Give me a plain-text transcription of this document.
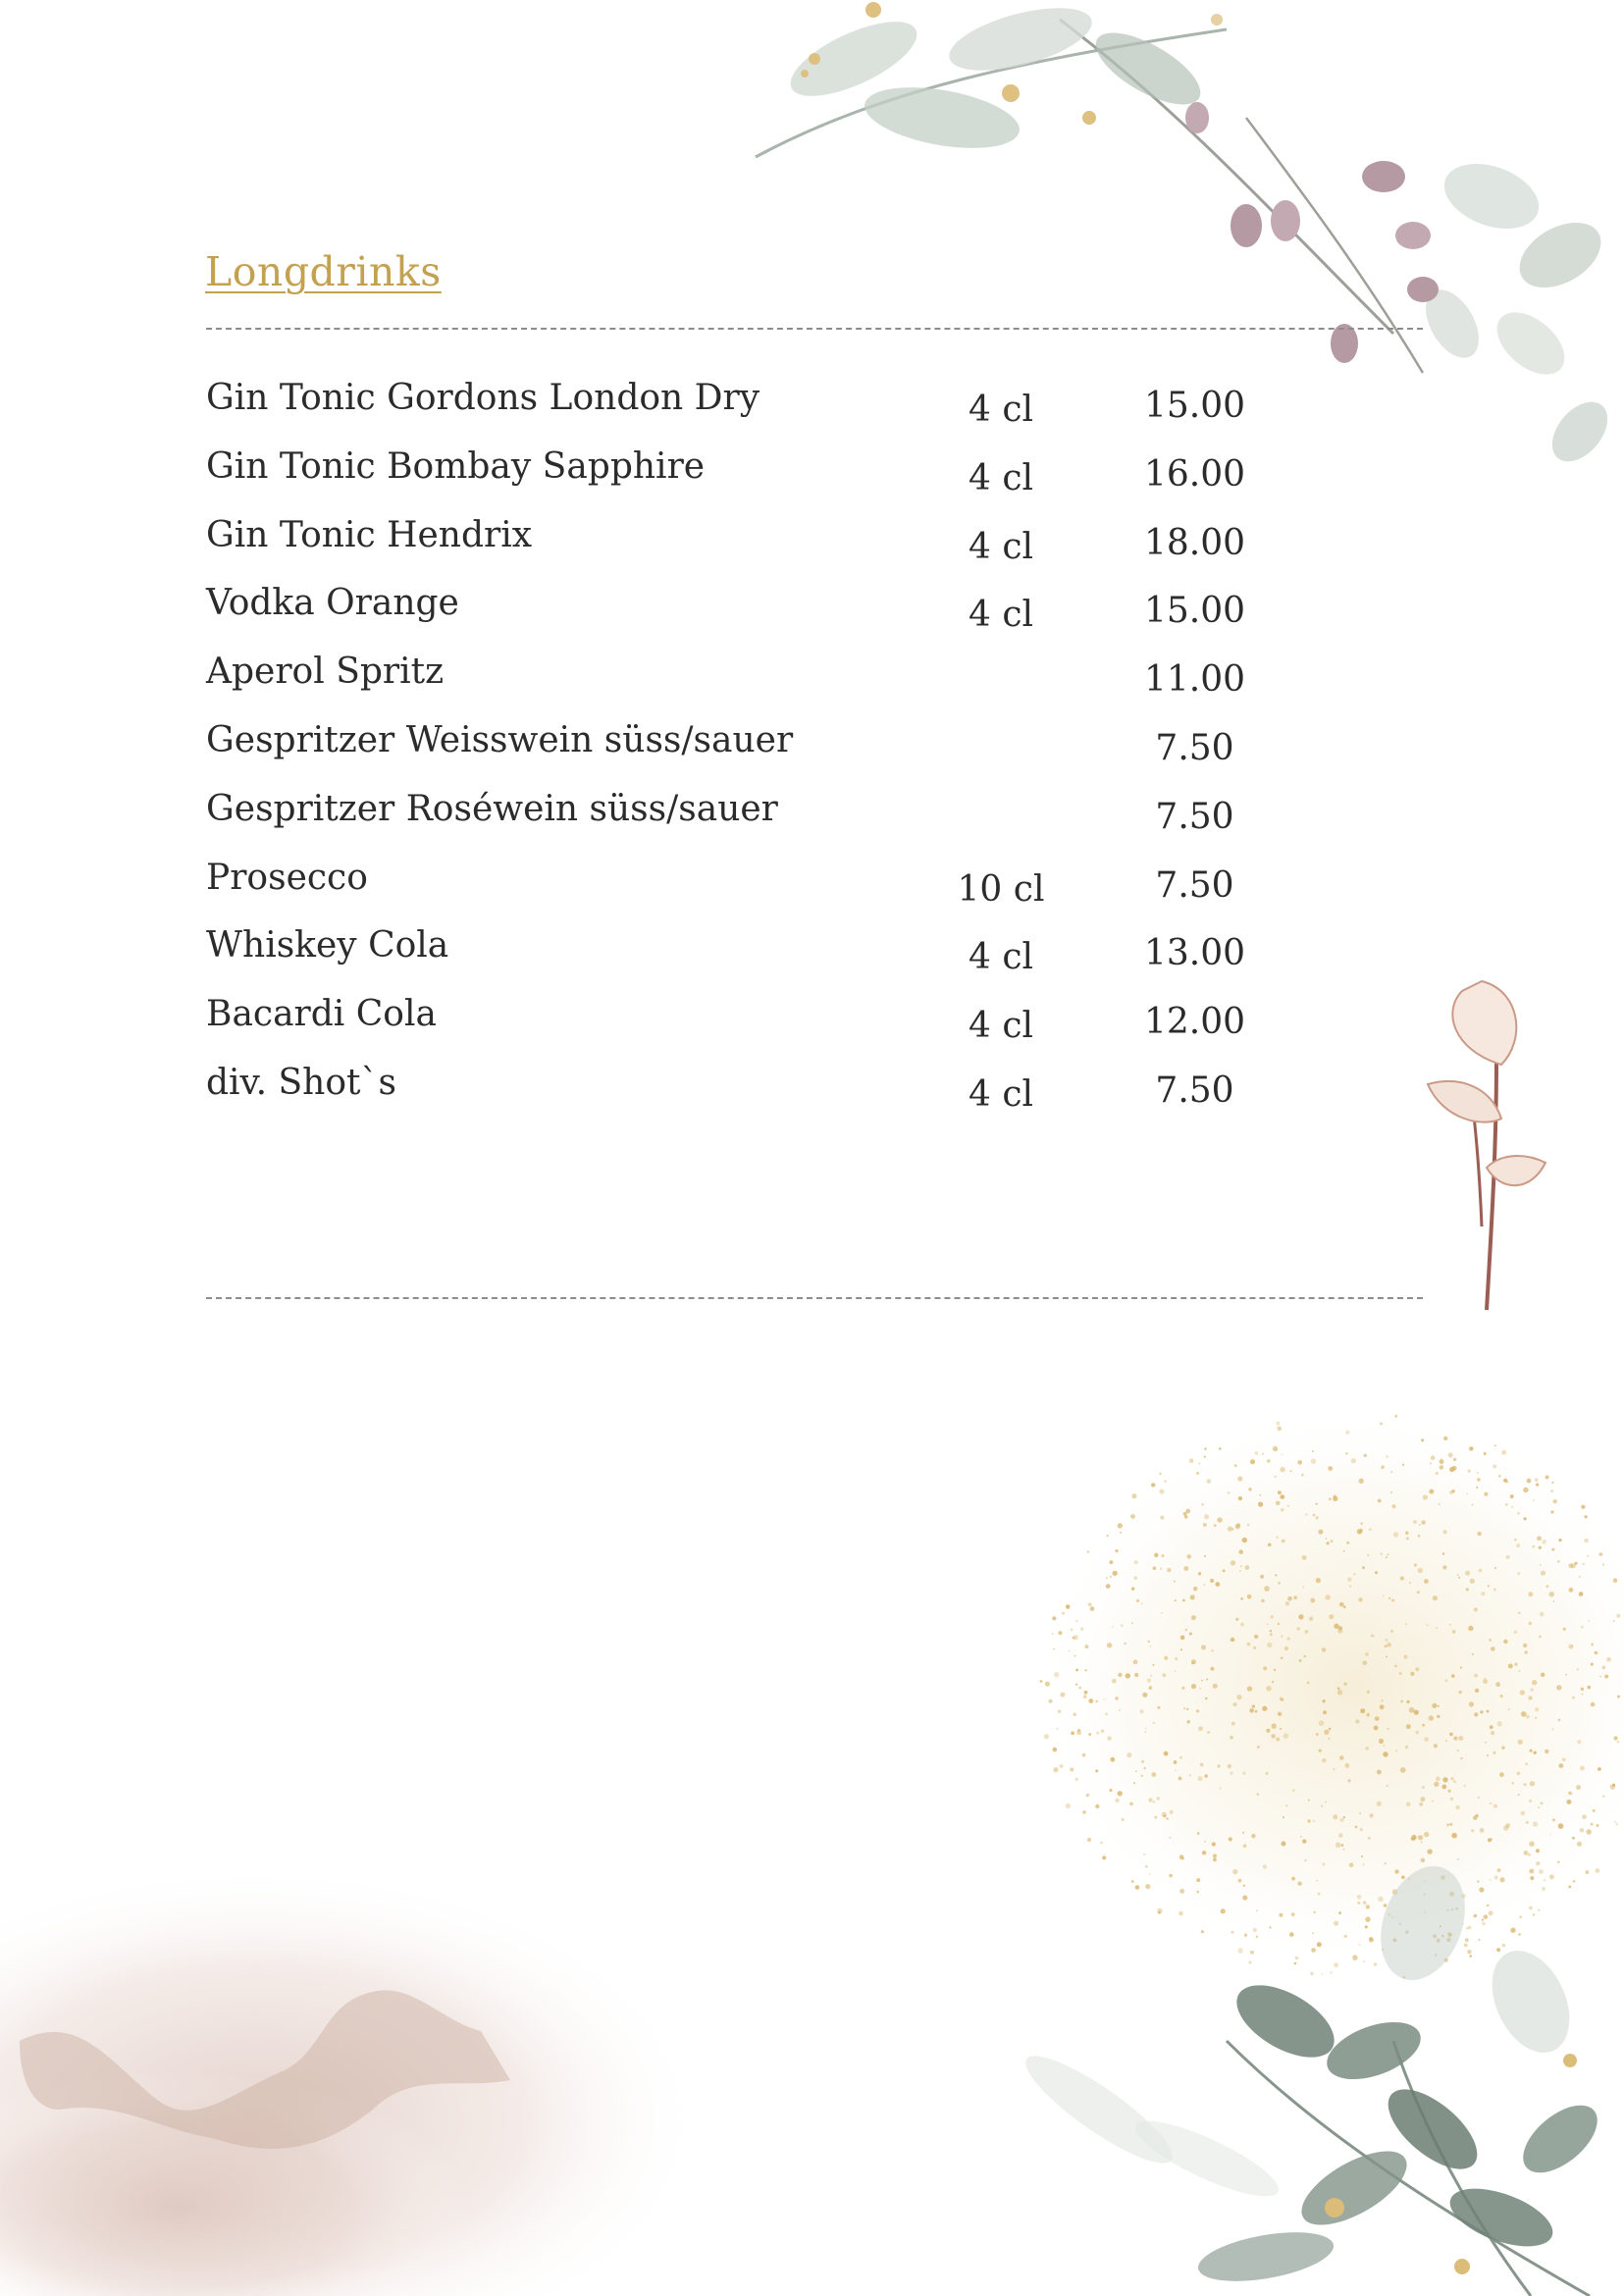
Longdrinks
Gin Tonic Gordons London Dry	4 cl	15.00
Gin Tonic Bombay Sapphire	4 cl	16.00
Gin Tonic Hendrix	4 cl	18.00
Vodka Orange	4 cl	15.00
Aperol Spritz	11.00
Gespritzer Weisswein süss/sauer	7.50
Gespritzer Roséwein süss/sauer	7.50
Prosecco	10 cl	7.50
Whiskey Cola	4 cl	13.00
Bacardi Cola	4 cl	12.00
div. Shot`s	4 cl	7.50
